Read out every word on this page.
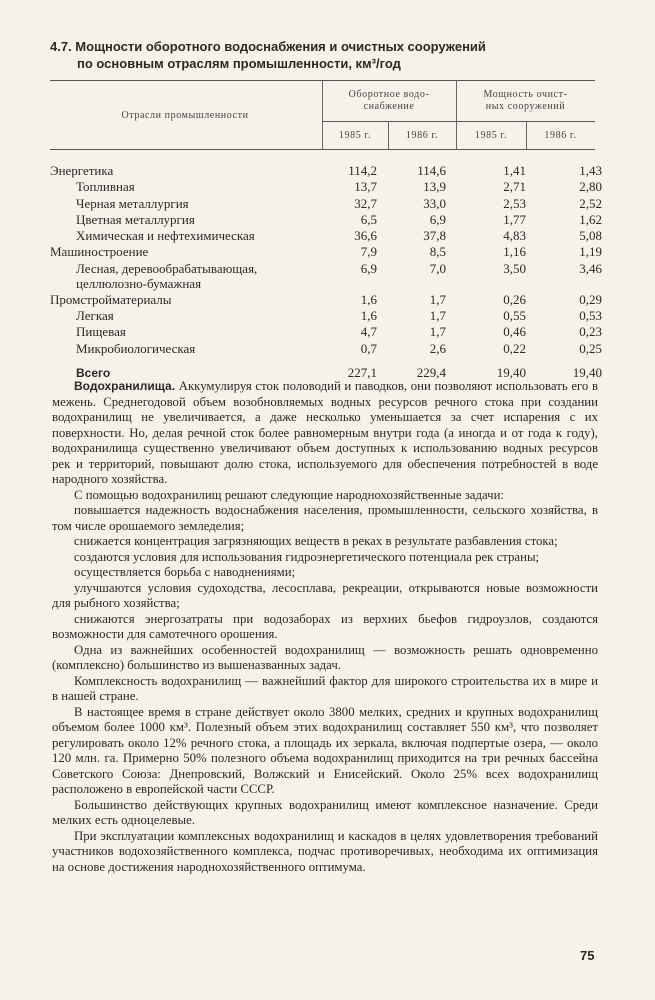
4.7. Мощности оборотного водоснабжения и очистных сооружений
по основным отраслям промышленности, км³/год
Отрасли промышленности
Оборотное водо-
снабжение
Мощность очист-
ных сооружений
1985 г.	1986 г.	1985 г.	1986 г.
Энергетика	114,2	114,6	1,41	1,43
Топливная	13,7	13,9	2,71	2,80
Черная металлургия	32,7	33,0	2,53	2,52
Цветная металлургия	6,5	6,9	1,77	1,62
Химическая и нефтехимическая	36,6	37,8	4,83	5,08
Машиностроение	7,9	8,5	1,16	1,19
Лесная, деревообрабатывающая,
целлюлозно-бумажная
6,9	7,0	3,50	3,46
Промстройматериалы	1,6	1,7	0,26	0,29
Легкая	1,6	1,7	0,55	0,53
Пищевая	4,7	1,7	0,46	0,23
Микробиологическая	0,7	2,6	0,22	0,25
Всего	227,1	229,4	19,40	19,40

Водохранилища. Аккумулируя сток половодий и паводков, они позволяют использовать его в межень. Среднегодовой объем возобновляемых водных ресурсов речного стока при создании водохранилищ не увеличивается, а даже несколько уменьшается за счет испарения с их поверхности. Но, делая речной сток более равномерным внутри года (а иногда и от года к году), водохранилища существенно увеличивают объем доступных к использованию водных ресурсов рек и территорий, повышают долю стока, используемого для обеспечения потребностей в воде народного хозяйства.

С помощью водохранилищ решают следующие народнохозяйственные задачи:

повышается надежность водоснабжения населения, промышленности, сельского хозяйства, в том числе орошаемого земледелия;

снижается концентрация загрязняющих веществ в реках в результате разбавления стока;

создаются условия для использования гидроэнергетического потенциала рек страны;

осуществляется борьба с наводнениями;

улучшаются условия судоходства, лесосплава, рекреации, открываются новые возможности для рыбного хозяйства;

снижаются энергозатраты при водозаборах из верхних бьефов гидроузлов, создаются возможности для самотечного орошения.

Одна из важнейших особенностей водохранилищ — возможность решать одновременно (комплексно) большинство из вышеназванных задач.

Комплексность водохранилищ — важнейший фактор для широкого строительства их в мире и в нашей стране.

В настоящее время в стране действует около 3800 мелких, средних и крупных водохранилищ объемом более 1000 км³. Полезный объем этих водохранилищ составляет 550 км³, что позволяет регулировать около 12% речного стока, а площадь их зеркала, включая подпертые озера, — около 120 млн. га. Примерно 50% полезного объема водохранилищ приходится на три речных бассейна Советского Союза: Днепровский, Волжский и Енисейский. Около 25% всех водохранилищ расположено в европейской части СССР.

Большинство действующих крупных водохранилищ имеют комплексное назначение. Среди мелких есть одноцелевые.

При эксплуатации комплексных водохранилищ и каскадов в целях удовлетворения требований участников водохозяйственного комплекса, подчас противоречивых, необходима их оптимизация на основе достижения народнохозяйственного оптимума.

75
